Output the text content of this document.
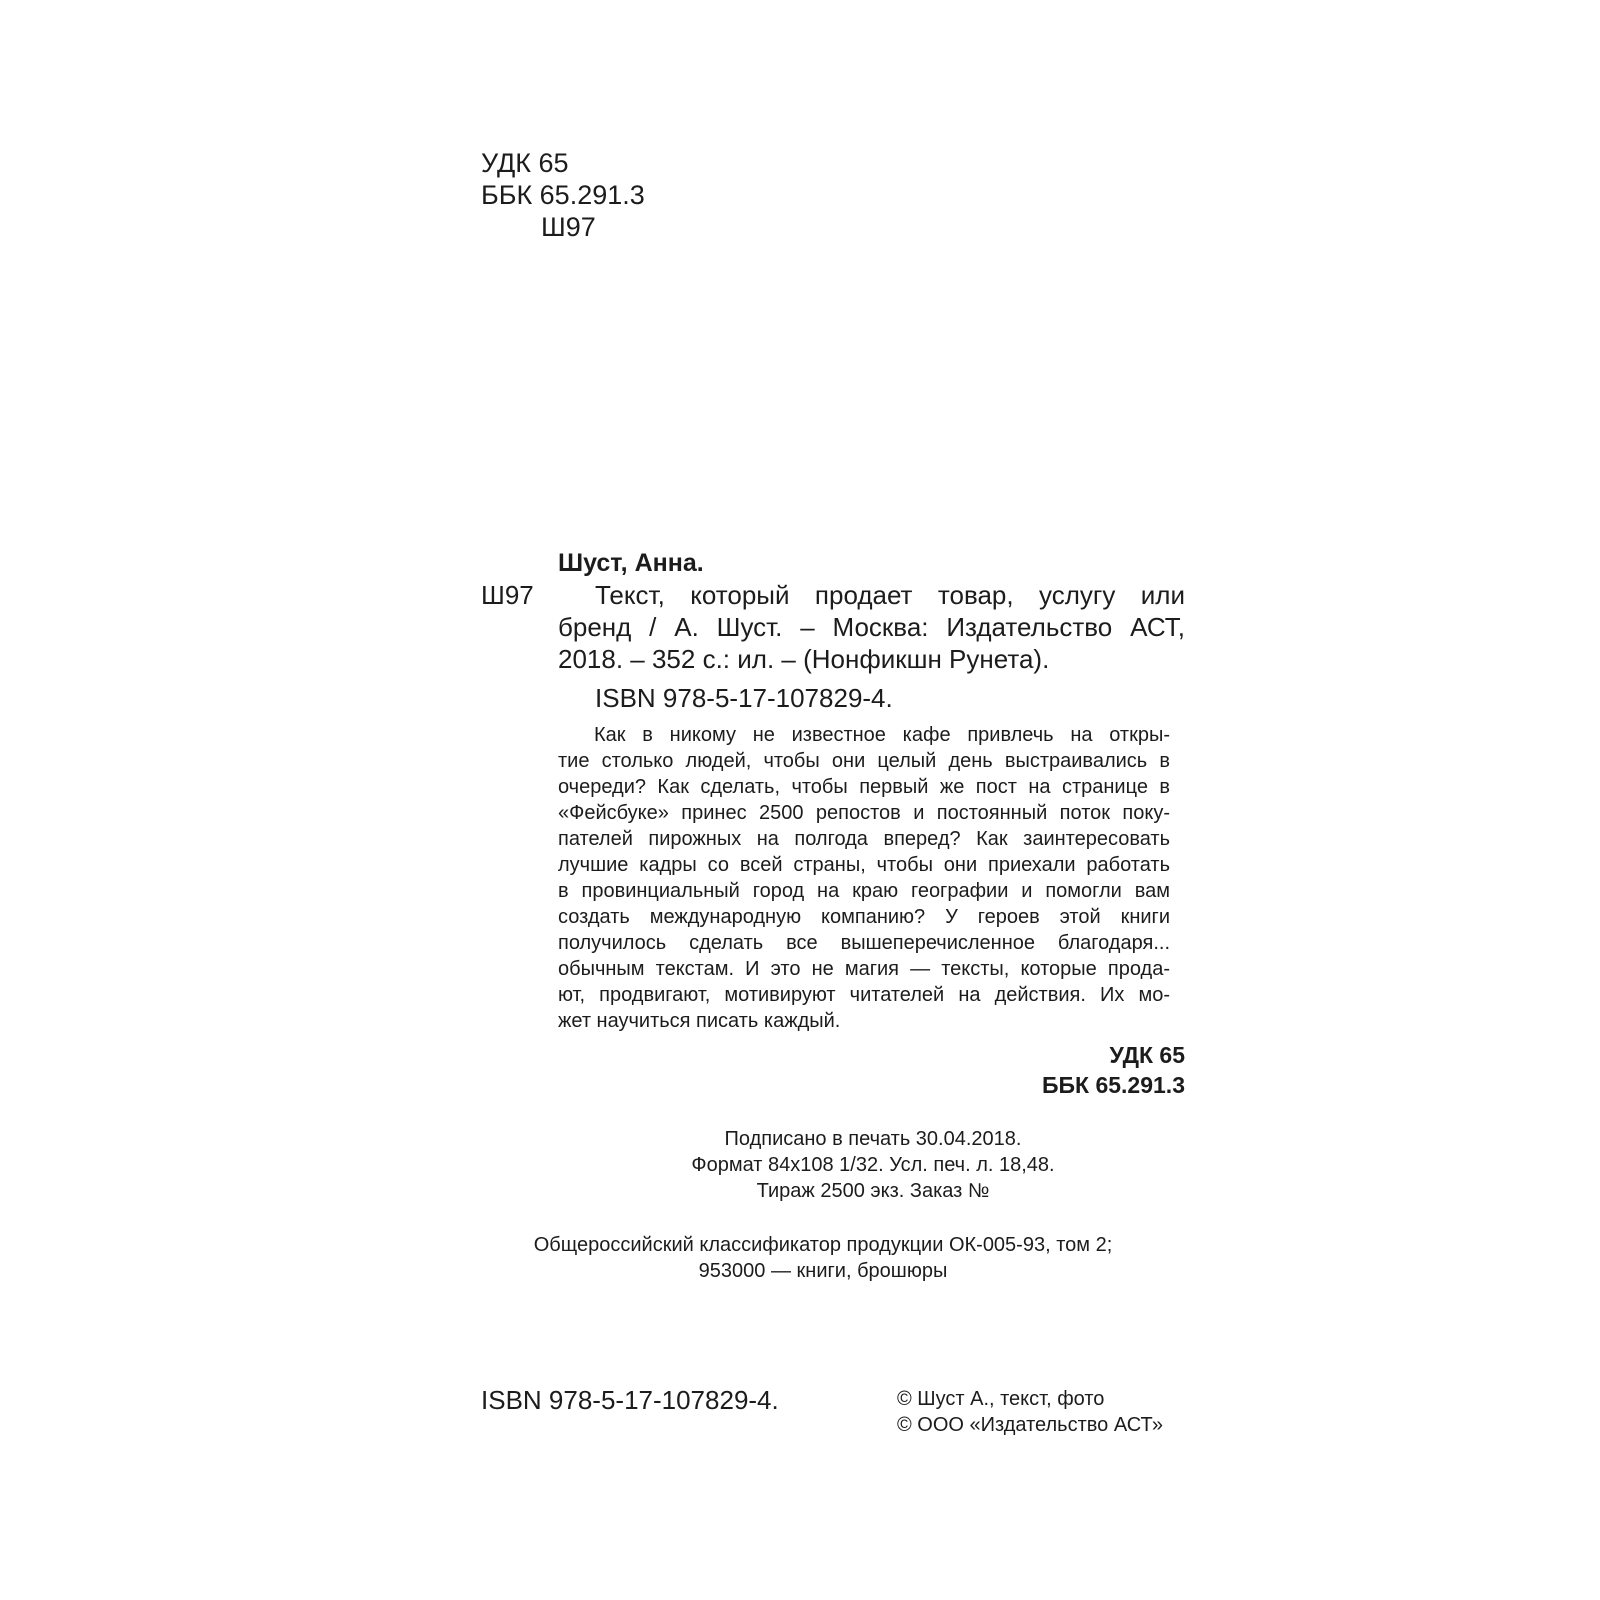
УДК 65

ББК 65.291.3

Ш97

Шуст, Анна.

Ш97 Текст, который продает товар, услугу или

бренд / А. Шуст. – Москва: Издательство АСТ,

2018. – 352 с.: ил. – (Нонфикшн Рунета).

ISBN 978-5-17-107829-4.

Как в никому не известное кафе привлечь на откры-
тие столько людей, чтобы они целый день выстраивались в
очереди? Как сделать, чтобы первый же пост на странице в
«Фейсбуке» принес 2500 репостов и постоянный поток поку-
пателей пирожных на полгода вперед? Как заинтересовать
лучшие кадры со всей страны, чтобы они приехали работать
в провинциальный город на краю географии и помогли вам
создать международную компанию? У героев этой книги
получилось сделать все вышеперечисленное благодаря...
обычным текстам. И это не магия — тексты, которые прода-
ют, продвигают, мотивируют читателей на действия. Их мо-
жет научиться писать каждый.

УДК 65

ББК 65.291.3

Подписано в печать 30.04.2018.

Формат 84x108 1/32. Усл. печ. л. 18,48.

Тираж 2500 экз. Заказ №

Общероссийский классификатор продукции ОК-005-93, том 2;

953000 — книги, брошюры

ISBN 978-5-17-107829-4.	© Шуст А., текст, фото

© ООО «Издательство АСТ»
